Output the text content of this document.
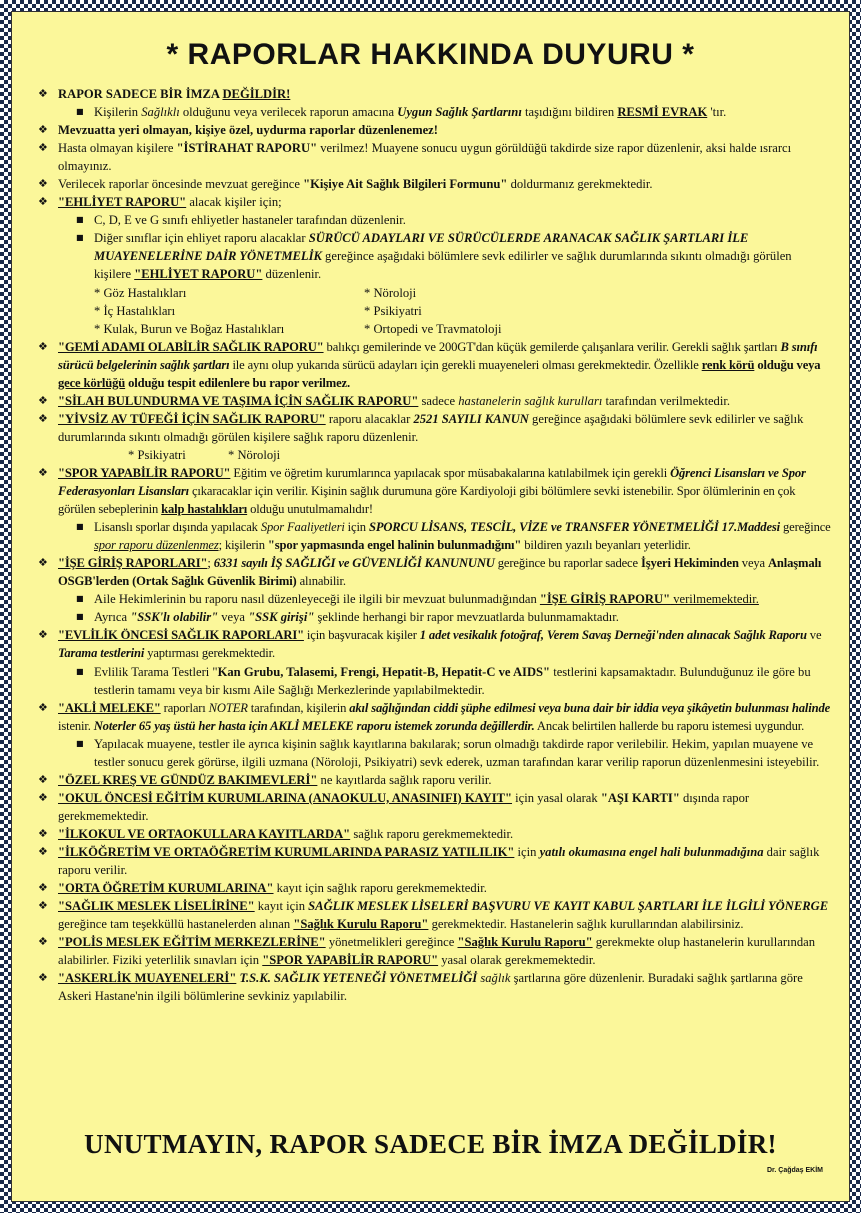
* RAPORLAR HAKKINDA DUYURU *
❖ RAPOR SADECE BİR İMZA DEĞİLDİR!
■ Kişilerin Sağlıklı olduğunu veya verilecek raporun amacına Uygun Sağlık Şartlarını taşıdığını bildiren RESMİ EVRAK 'tır.
❖ Mevzuatta yeri olmayan, kişiye özel, uydurma raporlar düzenlenemez!
❖ Hasta olmayan kişilere "İSTİRAHAT RAPORU" verilmez! Muayene sonucu uygun görüldüğü takdirde size rapor düzenlenir, aksi halde ısrarcı olmayınız.
❖ Verilecek raporlar öncesinde mevzuat gereğince "Kişiye Ait Sağlık Bilgileri Formunu" doldurmanız gerekmektedir.
❖ "EHLİYET RAPORU" alacak kişiler için;
■ C, D, E ve G sınıfı ehliyetler hastaneler tarafından düzenlenir.
■ Diğer sınıflar için ehliyet raporu alacaklar SÜRÜCÜ ADAYLARI VE SÜRÜCÜLERDE ARANACAK SAĞLIK ŞARTLARI İLE MUAYENELERİNE DAİR YÖNETMELİK gereğince aşağıdaki bölümlere sevk edilirler ve sağlık durumlarında sıkıntı olmadığı görülen kişilere "EHLİYET RAPORU" düzenlenir.
* Göz Hastalıkları	* Nöroloji
* İç Hastalıkları	* Psikiyatri
* Kulak, Burun ve Boğaz Hastalıkları	* Ortopedi ve Travmatoloji
❖ "GEMİ ADAMI OLABİLİR SAĞLIK RAPORU" balıkçı gemilerinde ve 200GT'dan küçük gemilerde çalışanlara verilir. Gerekli sağlık şartları B sınıfı sürücü belgelerinin sağlık şartları ile aynı olup yukarıda sürücü adayları için gerekli muayeneleri olması gerekmektedir. Özellikle renk körü olduğu veya gece körlüğü olduğu tespit edilenlere bu rapor verilmez.
❖ "SİLAH BULUNDURMA VE TAŞIMA İÇİN SAĞLIK RAPORU" sadece hastanelerin sağlık kurulları tarafından verilmektedir.
❖ "YİVSİZ AV TÜFEĞİ İÇİN SAĞLIK RAPORU" raporu alacaklar 2521 SAYILI KANUN gereğince aşağıdaki bölümlere sevk edilirler ve sağlık durumlarında sıkıntı olmadığı görülen kişilere sağlık raporu düzenlenir.
* Psikiyatri	* Nöroloji
❖ "SPOR YAPABİLİR RAPORU" Eğitim ve öğretim kurumlarınca yapılacak spor müsabakalarına katılabilmek için gerekli Öğrenci Lisansları ve Spor Federasyonları Lisansları çıkaracaklar için verilir. Kişinin sağlık durumuna göre Kardiyoloji gibi bölümlere sevki istenebilir. Spor ölümlerinin en çok görülen sebeplerinin kalp hastalıkları olduğu unutulmamalıdır!
■ Lisanslı sporlar dışında yapılacak Spor Faaliyetleri için SPORCU LİSANS, TESCİL, VİZE ve TRANSFER YÖNETMELİĞİ 17.Maddesi gereğince spor raporu düzenlenmez; kişilerin "spor yapmasında engel halinin bulunmadığını" bildiren yazılı beyanları yeterlidir.
❖ "İŞE GİRİŞ RAPORLARI"; 6331 sayılı İŞ SAĞLIĞI ve GÜVENLİĞİ KANUNUNU gereğince bu raporlar sadece İşyeri Hekiminden veya Anlaşmalı OSGB'lerden (Ortak Sağlık Güvenlik Birimi) alınabilir.
■ Aile Hekimlerinin bu raporu nasıl düzenleyeceği ile ilgili bir mevzuat bulunmadığından "İŞE GİRİŞ RAPORU" verilmemektedir.
■ Ayrıca "SSK'lı olabilir" veya "SSK girişi" şeklinde herhangi bir rapor mevzuatlarda bulunmamaktadır.
❖ "EVLİLİK ÖNCESİ SAĞLIK RAPORLARI" için başvuracak kişiler 1 adet vesikalık fotoğraf, Verem Savaş Derneği'nden alınacak Sağlık Raporu ve Tarama testlerini yaptırması gerekmektedir.
■ Evlilik Tarama Testleri "Kan Grubu, Talasemi, Frengi, Hepatit-B, Hepatit-C ve AIDS" testlerini kapsamaktadır. Bulunduğunuz ile göre bu testlerin tamamı veya bir kısmı Aile Sağlığı Merkezlerinde yapılabilmektedir.
❖ "AKLİ MELEKE" raporları NOTER tarafından, kişilerin akıl sağlığından ciddi şüphe edilmesi veya buna dair bir iddia veya şikâyetin bulunması halinde istenir. Noterler 65 yaş üstü her hasta için AKLİ MELEKE raporu istemek zorunda değillerdir. Ancak belirtilen hallerde bu raporu istemesi uygundur.
■ Yapılacak muayene, testler ile ayrıca kişinin sağlık kayıtlarına bakılarak; sorun olmadığı takdirde rapor verilebilir. Hekim, yapılan muayene ve testler sonucu gerek görürse, ilgili uzmana (Nöroloji, Psikiyatri) sevk ederek, uzman tarafından karar verilip raporun düzenlenmesini isteyebilir.
❖ "ÖZEL KREŞ VE GÜNDÜZ BAKIMEVLERİ" ne kayıtlarda sağlık raporu verilir.
❖ "OKUL ÖNCESİ EĞİTİM KURUMLARINA (ANAOKULU, ANASINIFI) KAYIT" için yasal olarak "AŞI KARTI" dışında rapor gerekmemektedir.
❖ "İLKOKUL VE ORTAOKULLARA KAYITLARDA" sağlık raporu gerekmemektedir.
❖ "İLKÖĞRETİM VE ORTAÖĞRETİM KURUMLARINDA PARASIZ YATILILIK" için yatılı okumasına engel hali bulunmadığına dair sağlık raporu verilir.
❖ "ORTA ÖĞRETİM KURUMLARINA" kayıt için sağlık raporu gerekmemektedir.
❖ "SAĞLIK MESLEK LİSELİRİNE" kayıt için SAĞLIK MESLEK LİSELERİ BAŞVURU VE KAYIT KABUL ŞARTLARI İLE İLGİLİ YÖNERGE gereğince tam teşekküllü hastanelerden alınan "Sağlık Kurulu Raporu" gerekmektedir. Hastanelerin sağlık kurullarından alabilirsiniz.
❖ "POLİS MESLEK EĞİTİM MERKEZLERİNE" yönetmelikleri gereğince "Sağlık Kurulu Raporu" gerekmekte olup hastanelerin kurullarından alabilirler. Fiziki yeterlilik sınavları için "SPOR YAPABİLİR RAPORU" yasal olarak gerekmemektedir.
❖ "ASKERLİK MUAYENELERİ" T.S.K. SAĞLIK YETENEĞİ YÖNETMELİĞİ sağlık şartlarına göre düzenlenir. Buradaki sağlık şartlarına göre Askeri Hastane'nin ilgili bölümlerine sevkiniz yapılabilir.
UNUTMAYIN, RAPOR SADECE BİR İMZA DEĞİLDİR!
Dr. Çağdaş EKİM
